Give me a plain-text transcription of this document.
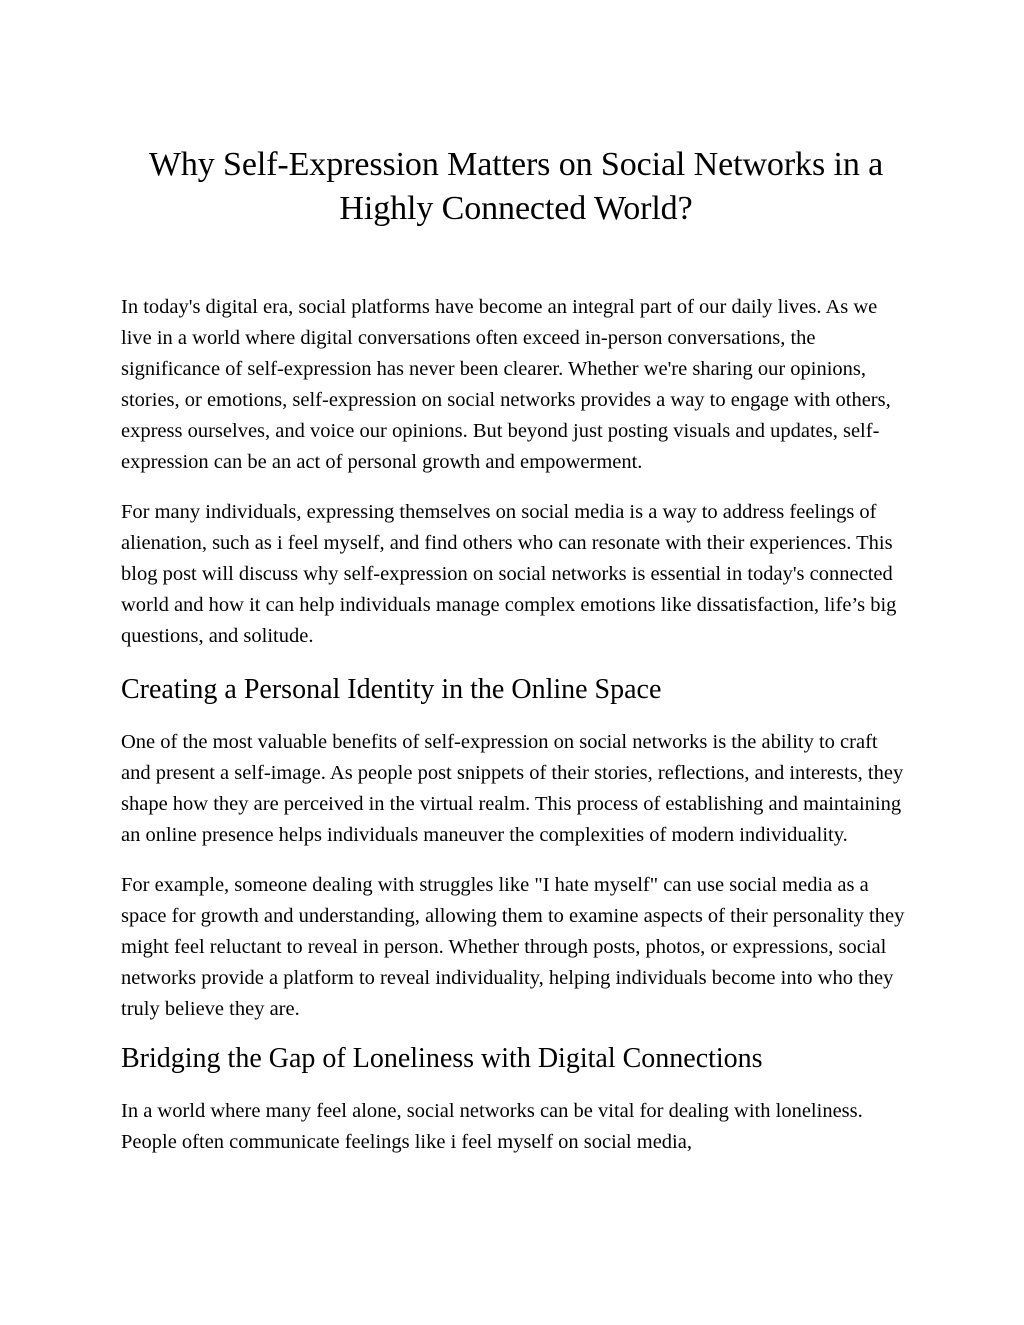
Why Self-Expression Matters on Social Networks in a Highly Connected World?

In today's digital era, social platforms have become an integral part of our daily lives. As we live in a world where digital conversations often exceed in-person conversations, the significance of self-expression has never been clearer. Whether we're sharing our opinions, stories, or emotions, self-expression on social networks provides a way to engage with others, express ourselves, and voice our opinions. But beyond just posting visuals and updates, self-expression can be an act of personal growth and empowerment.

For many individuals, expressing themselves on social media is a way to address feelings of alienation, such as i feel myself, and find others who can resonate with their experiences. This blog post will discuss why self-expression on social networks is essential in today's connected world and how it can help individuals manage complex emotions like dissatisfaction, life’s big questions, and solitude.

Creating a Personal Identity in the Online Space

One of the most valuable benefits of self-expression on social networks is the ability to craft and present a self-image. As people post snippets of their stories, reflections, and interests, they shape how they are perceived in the virtual realm. This process of establishing and maintaining an online presence helps individuals maneuver the complexities of modern individuality.

For example, someone dealing with struggles like "I hate myself" can use social media as a space for growth and understanding, allowing them to examine aspects of their personality they might feel reluctant to reveal in person. Whether through posts, photos, or expressions, social networks provide a platform to reveal individuality, helping individuals become into who they truly believe they are.

Bridging the Gap of Loneliness with Digital Connections

In a world where many feel alone, social networks can be vital for dealing with loneliness. People often communicate feelings like i feel myself on social media,
